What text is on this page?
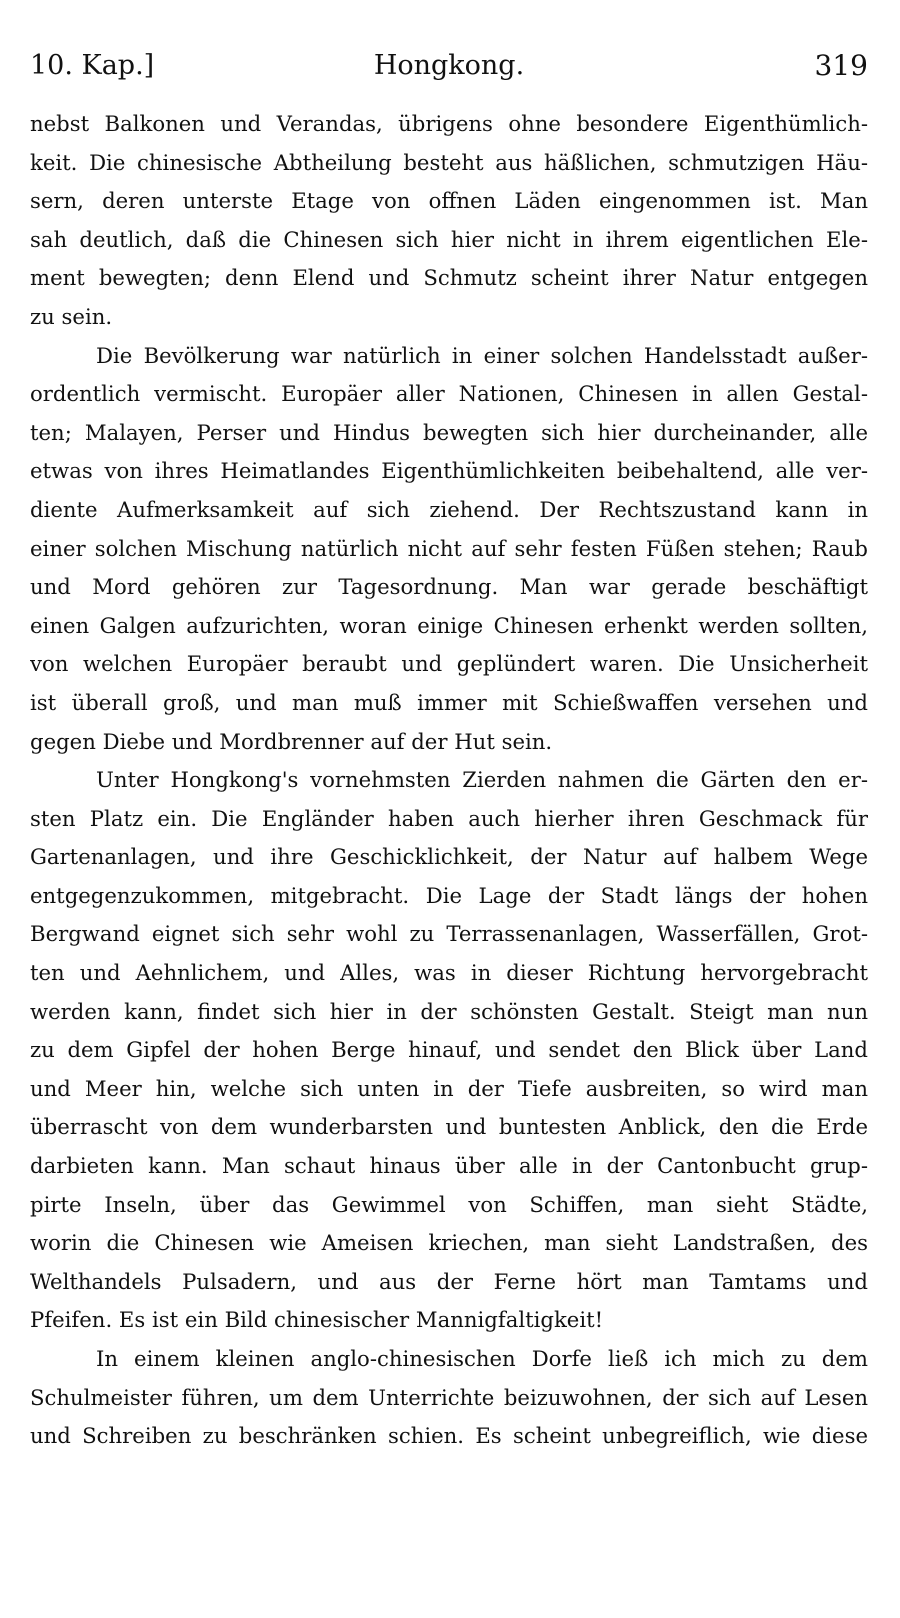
10. Kap.]	Hongkong.	319
nebst Balkonen und Verandas, übrigens ohne besondere Eigenthümlich-
keit. Die chinesische Abtheilung besteht aus häßlichen, schmutzigen Häu-
sern, deren unterste Etage von offnen Läden eingenommen ist. Man
sah deutlich, daß die Chinesen sich hier nicht in ihrem eigentlichen Ele-
ment bewegten; denn Elend und Schmutz scheint ihrer Natur entgegen
zu sein.
Die Bevölkerung war natürlich in einer solchen Handelsstadt außer-
ordentlich vermischt. Europäer aller Nationen, Chinesen in allen Gestal-
ten; Malayen, Perser und Hindus bewegten sich hier durcheinander, alle
etwas von ihres Heimatlandes Eigenthümlichkeiten beibehaltend, alle ver-
diente Aufmerksamkeit auf sich ziehend. Der Rechtszustand kann in
einer solchen Mischung natürlich nicht auf sehr festen Füßen stehen; Raub
und Mord gehören zur Tagesordnung. Man war gerade beschäftigt
einen Galgen aufzurichten, woran einige Chinesen erhenkt werden sollten,
von welchen Europäer beraubt und geplündert waren. Die Unsicherheit
ist überall groß, und man muß immer mit Schießwaffen versehen und
gegen Diebe und Mordbrenner auf der Hut sein.
Unter Hongkong's vornehmsten Zierden nahmen die Gärten den er-
sten Platz ein. Die Engländer haben auch hierher ihren Geschmack für
Gartenanlagen, und ihre Geschicklichkeit, der Natur auf halbem Wege
entgegenzukommen, mitgebracht. Die Lage der Stadt längs der hohen
Bergwand eignet sich sehr wohl zu Terrassenanlagen, Wasserfällen, Grot-
ten und Aehnlichem, und Alles, was in dieser Richtung hervorgebracht
werden kann, findet sich hier in der schönsten Gestalt. Steigt man nun
zu dem Gipfel der hohen Berge hinauf, und sendet den Blick über Land
und Meer hin, welche sich unten in der Tiefe ausbreiten, so wird man
überrascht von dem wunderbarsten und buntesten Anblick, den die Erde
darbieten kann. Man schaut hinaus über alle in der Cantonbucht grup-
pirte Inseln, über das Gewimmel von Schiffen, man sieht Städte,
worin die Chinesen wie Ameisen kriechen, man sieht Landstraßen, des
Welthandels Pulsadern, und aus der Ferne hört man Tamtams und
Pfeifen. Es ist ein Bild chinesischer Mannigfaltigkeit!
In einem kleinen anglo-chinesischen Dorfe ließ ich mich zu dem
Schulmeister führen, um dem Unterrichte beizuwohnen, der sich auf Lesen
und Schreiben zu beschränken schien. Es scheint unbegreiflich, wie diese
